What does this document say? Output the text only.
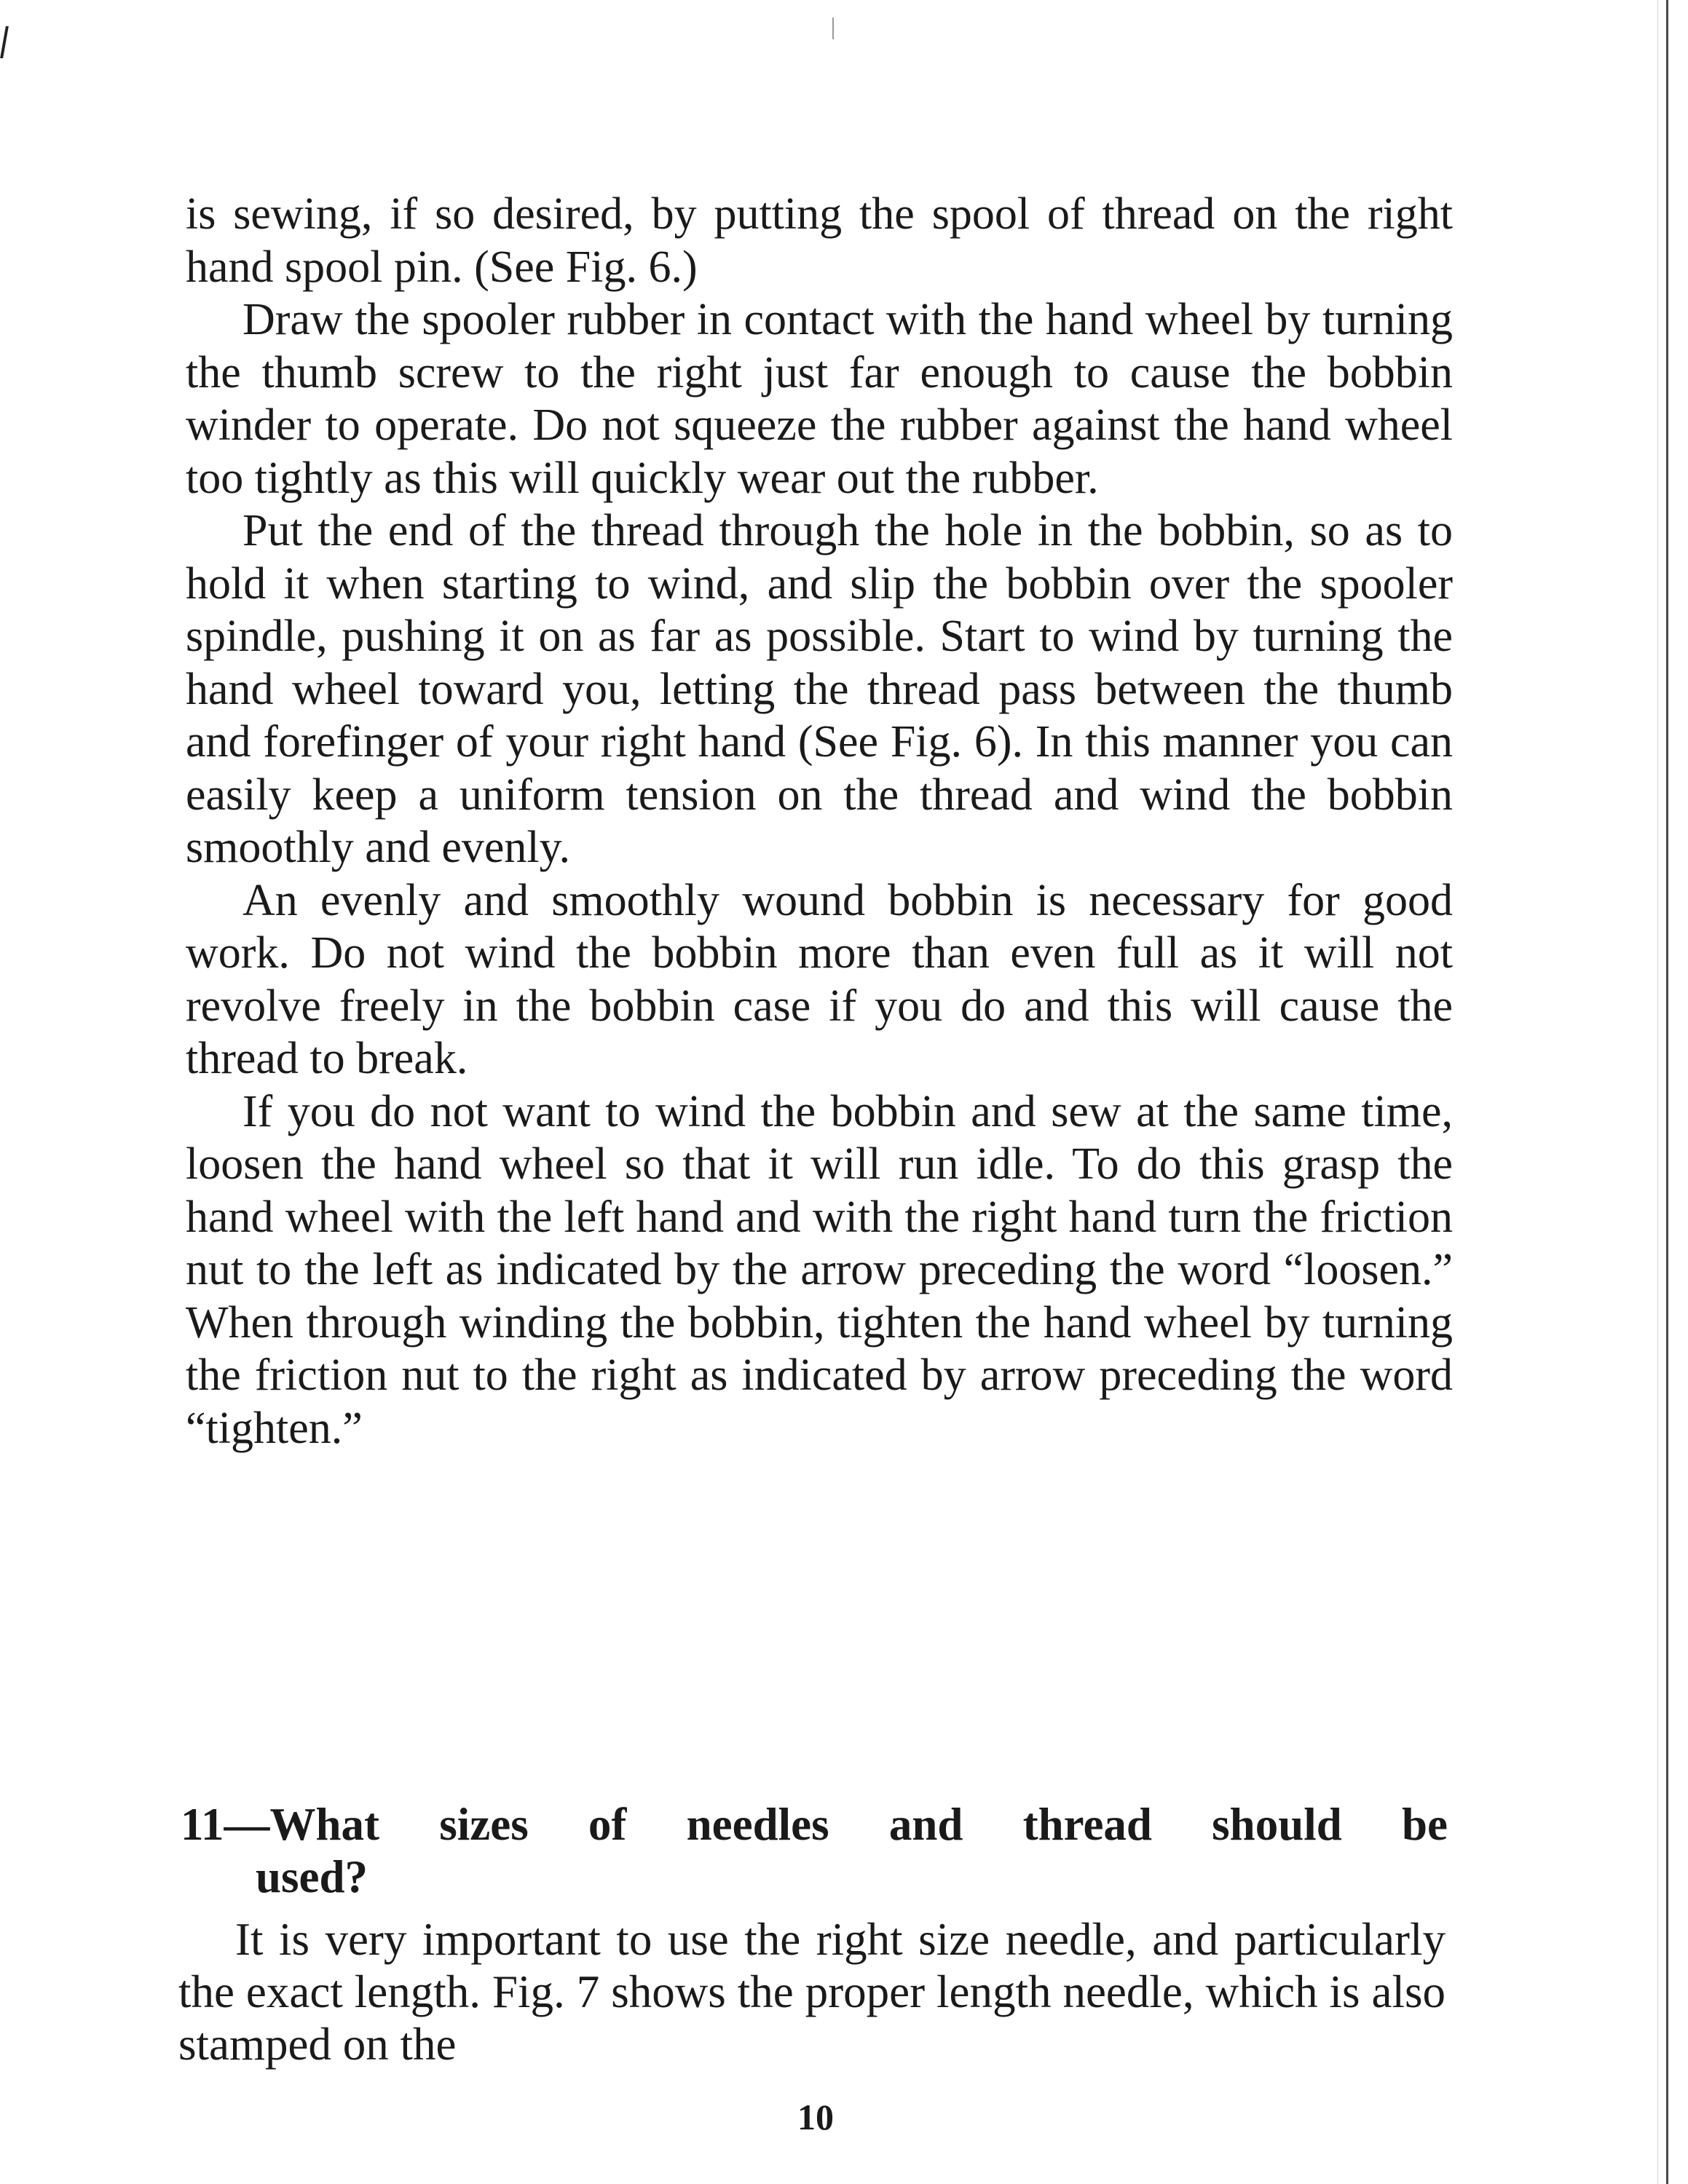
is sewing, if so desired, by putting the spool of thread on the right hand spool pin. (See Fig. 6.)

Draw the spooler rubber in contact with the hand wheel by turning the thumb screw to the right just far enough to cause the bobbin winder to operate. Do not squeeze the rubber against the hand wheel too tightly as this will quickly wear out the rubber.

Put the end of the thread through the hole in the bobbin, so as to hold it when starting to wind, and slip the bobbin over the spooler spindle, pushing it on as far as possible. Start to wind by turning the hand wheel toward you, letting the thread pass between the thumb and forefinger of your right hand (See Fig. 6). In this manner you can easily keep a uniform tension on the thread and wind the bobbin smoothly and evenly.

An evenly and smoothly wound bobbin is necessary for good work. Do not wind the bobbin more than even full as it will not revolve freely in the bobbin case if you do and this will cause the thread to break.

If you do not want to wind the bobbin and sew at the same time, loosen the hand wheel so that it will run idle. To do this grasp the hand wheel with the left hand and with the right hand turn the friction nut to the left as indicated by the arrow preceding the word “loosen.” When through winding the bobbin, tighten the hand wheel by turning the friction nut to the right as indicated by arrow preceding the word “tighten.”

11—What sizes of needles and thread should be
used?

It is very important to use the right size needle, and particularly the exact length. Fig. 7 shows the proper length needle, which is also stamped on the

10
